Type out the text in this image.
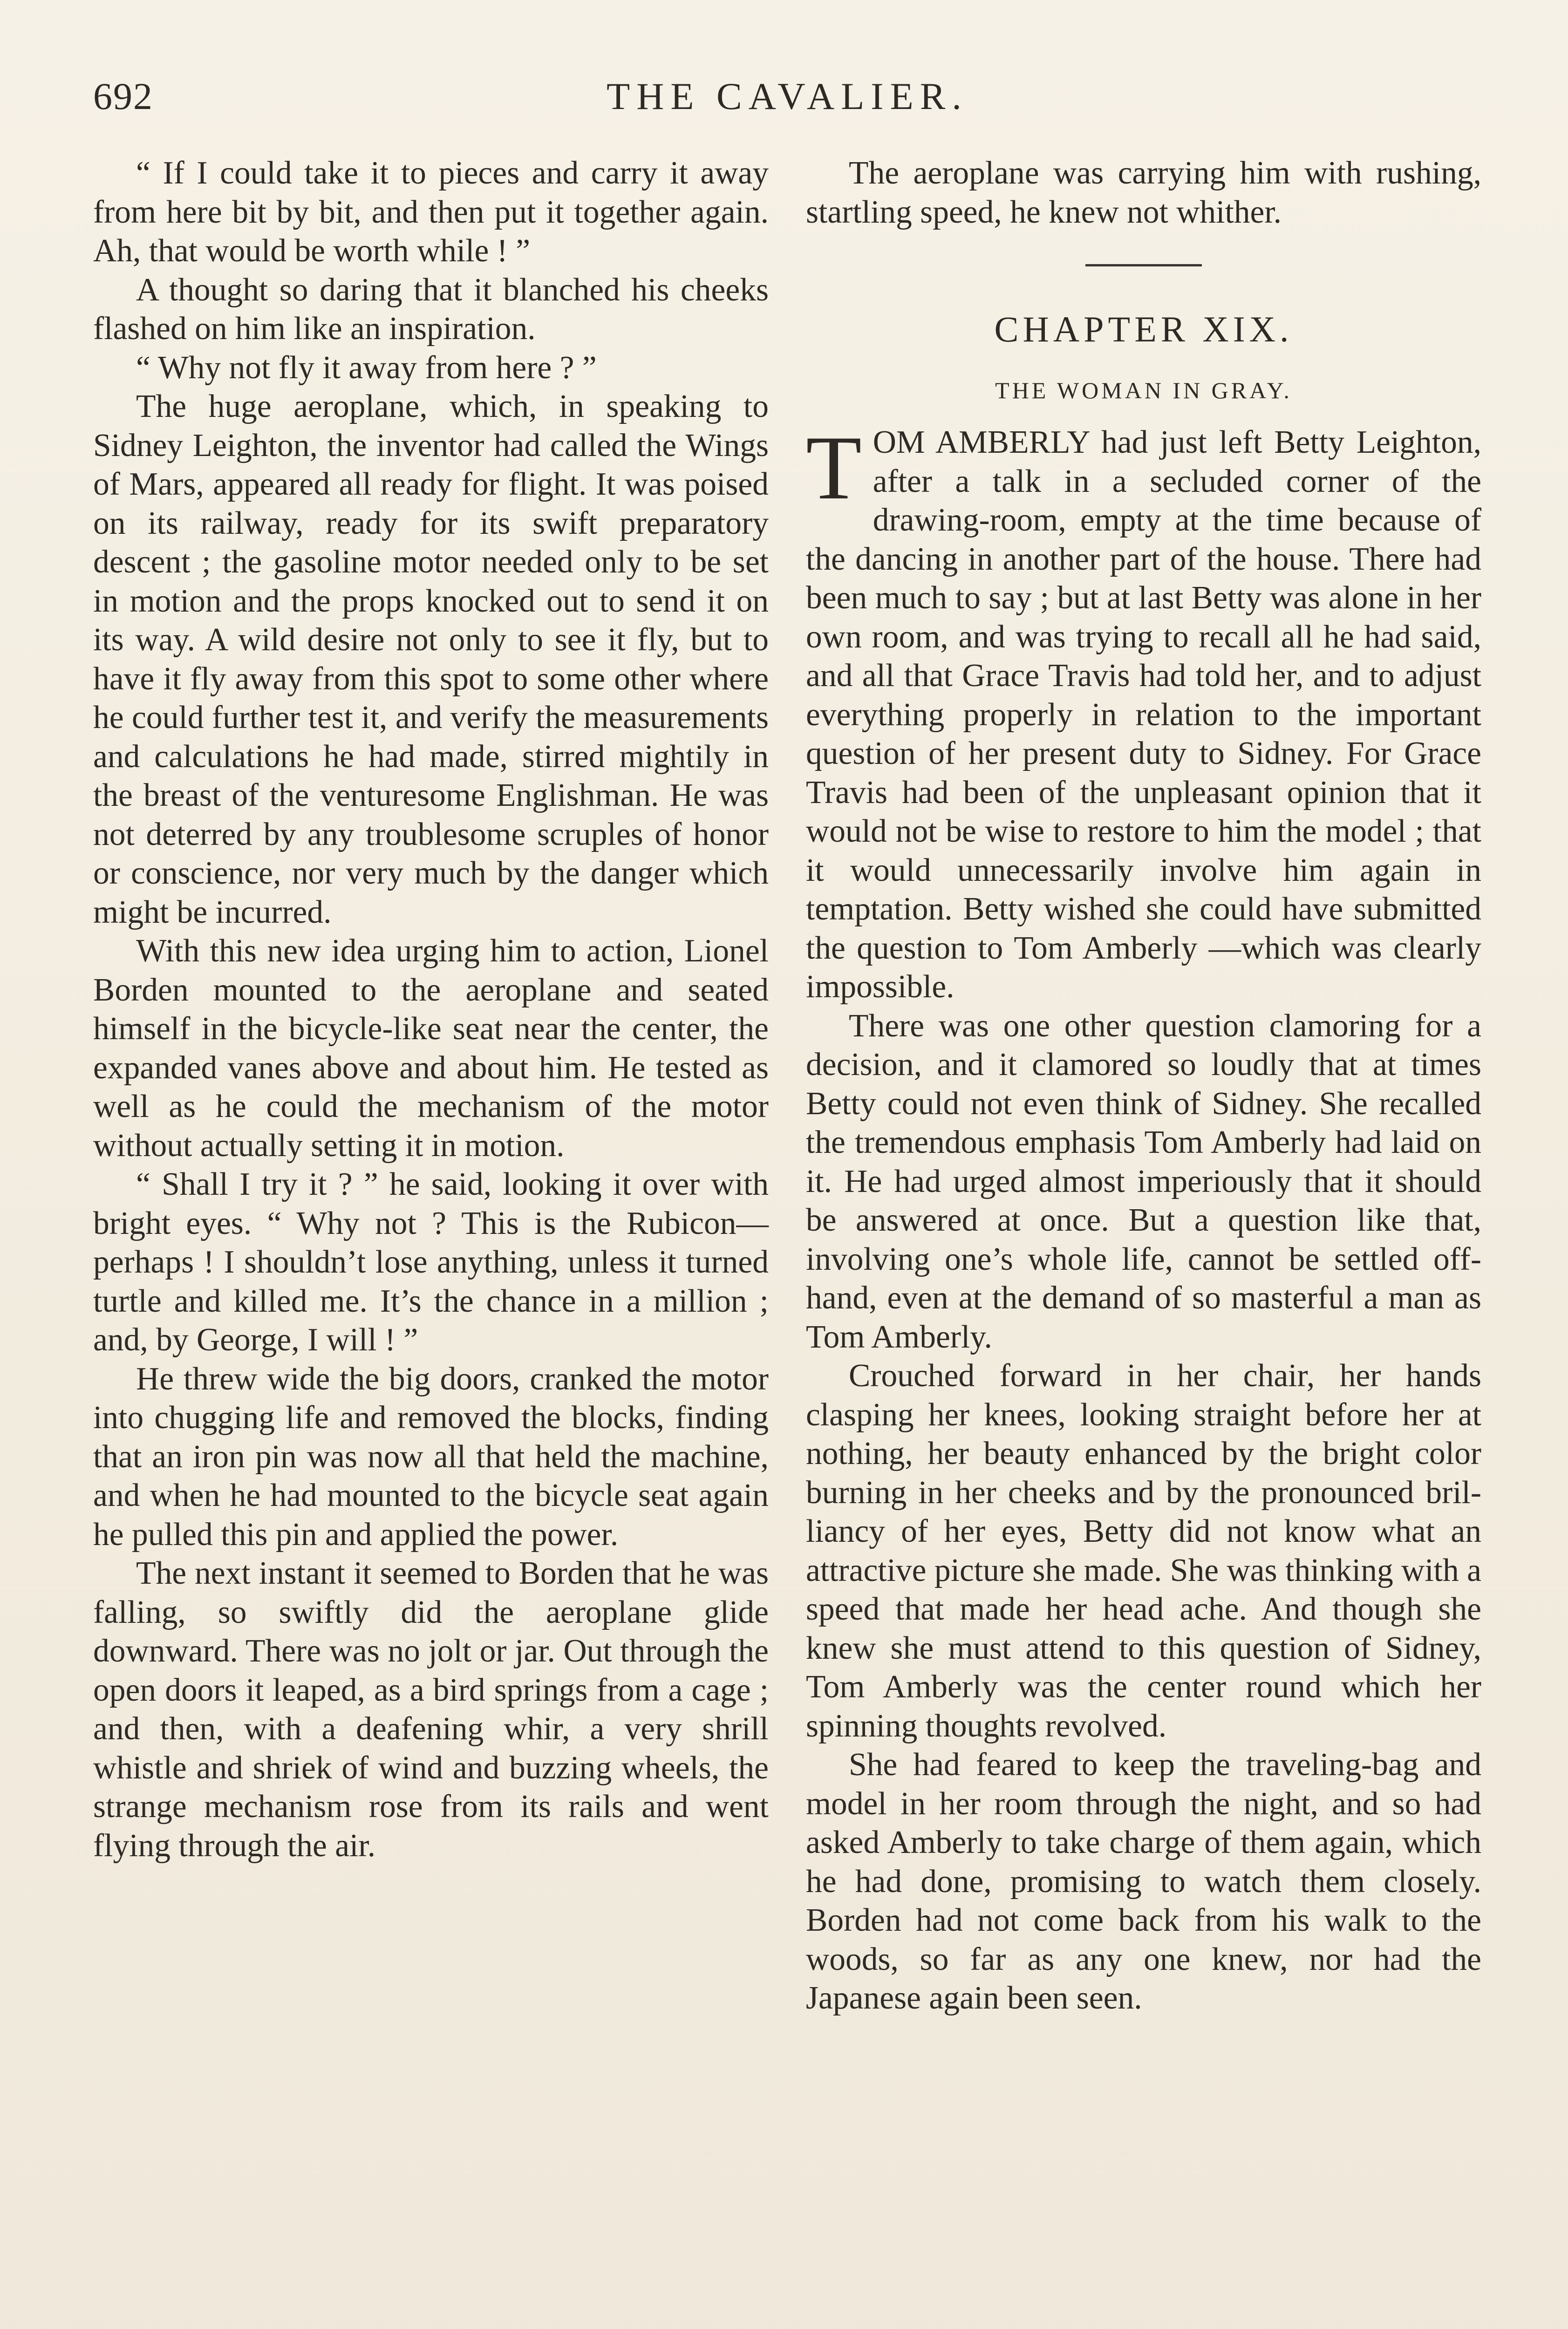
692	THE CAVALIER.

“ If I could take it to pieces and carry it away from here bit by bit, and then put it together again. Ah, that would be worth while ! ”

A thought so daring that it blanched his cheeks flashed on him like an inspiration.

“ Why not fly it away from here ? ”

The huge aeroplane, which, in speaking to Sidney Leighton, the inventor had called the Wings of Mars, appeared all ready for flight. It was poised on its railway, ready for its swift preparatory descent ; the gasoline motor needed only to be set in motion and the props knocked out to send it on its way. A wild desire not only to see it fly, but to have it fly away from this spot to some other where he could further test it, and verify the measurements and calculations he had made, stirred mightily in the breast of the venturesome Englishman. He was not deterred by any troublesome scruples of honor or conscience, nor very much by the danger which might be incurred.

With this new idea urging him to action, Lionel Borden mounted to the aeroplane and seated himself in the bicycle-like seat near the center, the expanded vanes above and about him. He tested as well as he could the mechanism of the motor without actually setting it in motion.

“ Shall I try it ? ” he said, looking it over with bright eyes. “ Why not ? This is the Rubicon—perhaps ! I shouldn’t lose anything, unless it turned turtle and killed me. It’s the chance in a million ; and, by George, I will ! ”

He threw wide the big doors, cranked the motor into chugging life and removed the blocks, finding that an iron pin was now all that held the machine, and when he had mounted to the bicycle seat again he pulled this pin and applied the power.

The next instant it seemed to Borden that he was falling, so swiftly did the aeroplane glide downward. There was no jolt or jar. Out through the open doors it leaped, as a bird springs from a cage ; and then, with a deafening whir, a very shrill whistle and shriek of wind and buzzing wheels, the strange mechanism rose from its rails and went flying through the air.

The aeroplane was carrying him with rushing, startling speed, he knew not whither.

CHAPTER XIX.
THE WOMAN IN GRAY.

TOM AMBERLY had just left Betty Leighton, after a talk in a secluded corner of the drawing-room, empty at the time because of the dancing in another part of the house. There had been much to say ; but at last Betty was alone in her own room, and was trying to recall all he had said, and all that Grace Travis had told her, and to adjust everything properly in relation to the important question of her present duty to Sidney. For Grace Travis had been of the unpleasant opinion that it would not be wise to restore to him the model ; that it would unnecessarily involve him again in temptation. Betty wished she could have submitted the question to Tom Amberly —which was clearly impossible.

There was one other question clamoring for a decision, and it clamored so loudly that at times Betty could not even think of Sidney. She recalled the tremendous emphasis Tom Amberly had laid on it. He had urged almost imperiously that it should be answered at once. But a question like that, involving one’s whole life, cannot be settled offhand, even at the demand of so masterful a man as Tom Amberly.

Crouched forward in her chair, her hands clasping her knees, looking straight before her at nothing, her beauty enhanced by the bright color burning in her cheeks and by the pronounced brilliancy of her eyes, Betty did not know what an attractive picture she made. She was thinking with a speed that made her head ache. And though she knew she must attend to this question of Sidney, Tom Amberly was the center round which her spinning thoughts revolved.

She had feared to keep the traveling-bag and model in her room through the night, and so had asked Amberly to take charge of them again, which he had done, promising to watch them closely. Borden had not come back from his walk to the woods, so far as any one knew, nor had the Japanese again been seen.
